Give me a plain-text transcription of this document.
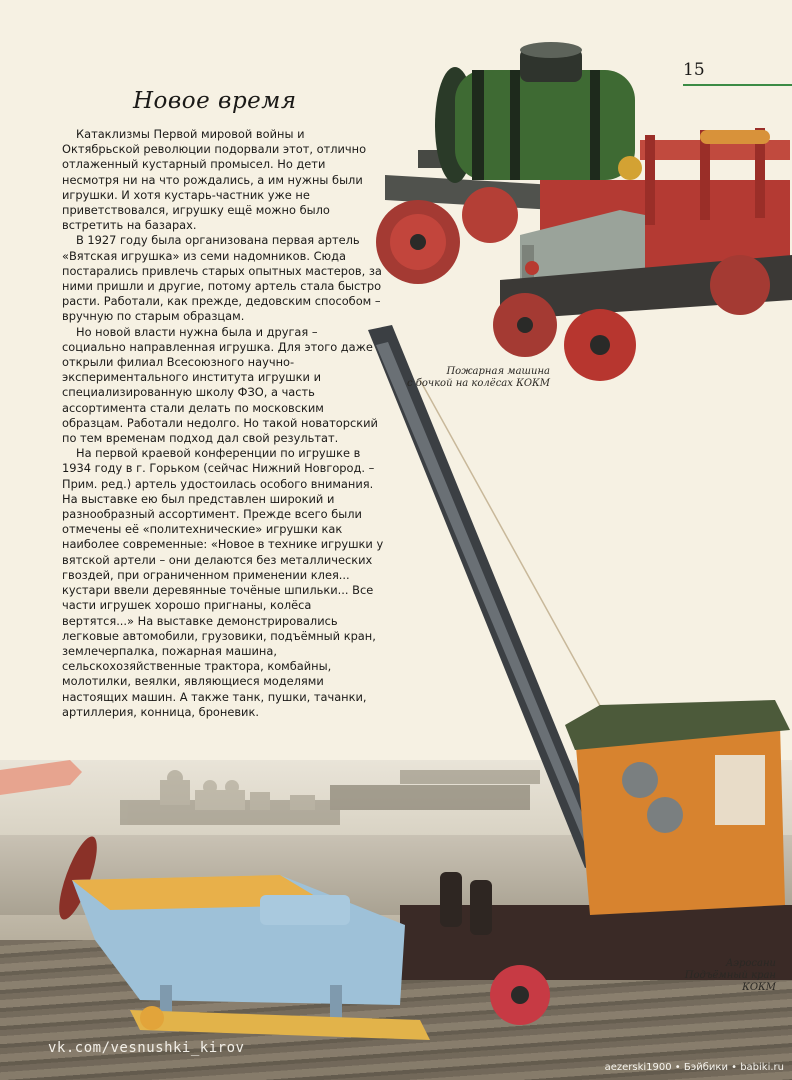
15
Новое время

Катаклизмы Первой мировой войны и Октябрьской революции подорвали этот, отлично отлаженный кустарный промысел. Но дети несмотря ни на что рождались, а им нужны были игрушки. И хотя кустарь-частник уже не приветствовался, игрушку ещё можно было встретить на базарах.

В 1927 году была организована первая артель «Вятская игрушка» из семи надомников. Сюда постарались привлечь старых опытных мастеров, за ними пришли и другие, потому артель стала быстро расти. Работали, как прежде, дедовским способом – вручную по старым образцам.

Но новой власти нужна была и другая – социально направленная игрушка. Для этого даже открыли филиал Всесоюзного научно-экспериментального института игрушки и специализированную школу ФЗО, а часть ассортимента стали делать по московским образцам. Работали недолго. Но такой новаторский по тем временам подход дал свой результат.

На первой краевой конференции по игрушке в 1934 году в г. Горьком (сейчас Нижний Новгород. – Прим. ред.) артель удостоилась особого внимания. На выставке ею был представлен широкий и разнообразный ассортимент. Прежде всего были отмечены её «политехнические» игрушки как наиболее современные: «Новое в технике игрушки у вятской артели – они делаются без металлических гвоздей, при ограниченном применении клея... кустари ввели деревянные точёные шпильки... Все части игрушек хорошо пригнаны, колёса вертятся...» На выставке демонстрировались легковые автомобили, грузовики, подъёмный кран, землечерпалка, пожарная машина, сельскохозяйственные трактора, комбайны, молотилки, веялки, являющиеся моделями настоящих машин. А также танк, пушки, тачанки, артиллерия, конница, броневик.

Пожарная машина
с бочкой на колёсах КОКМ
Аэросани
Подъёмный кран
КОКМ
vk.com/vesnushki_kirov
aezerski1900 • Бэйбики • babiki.ru
